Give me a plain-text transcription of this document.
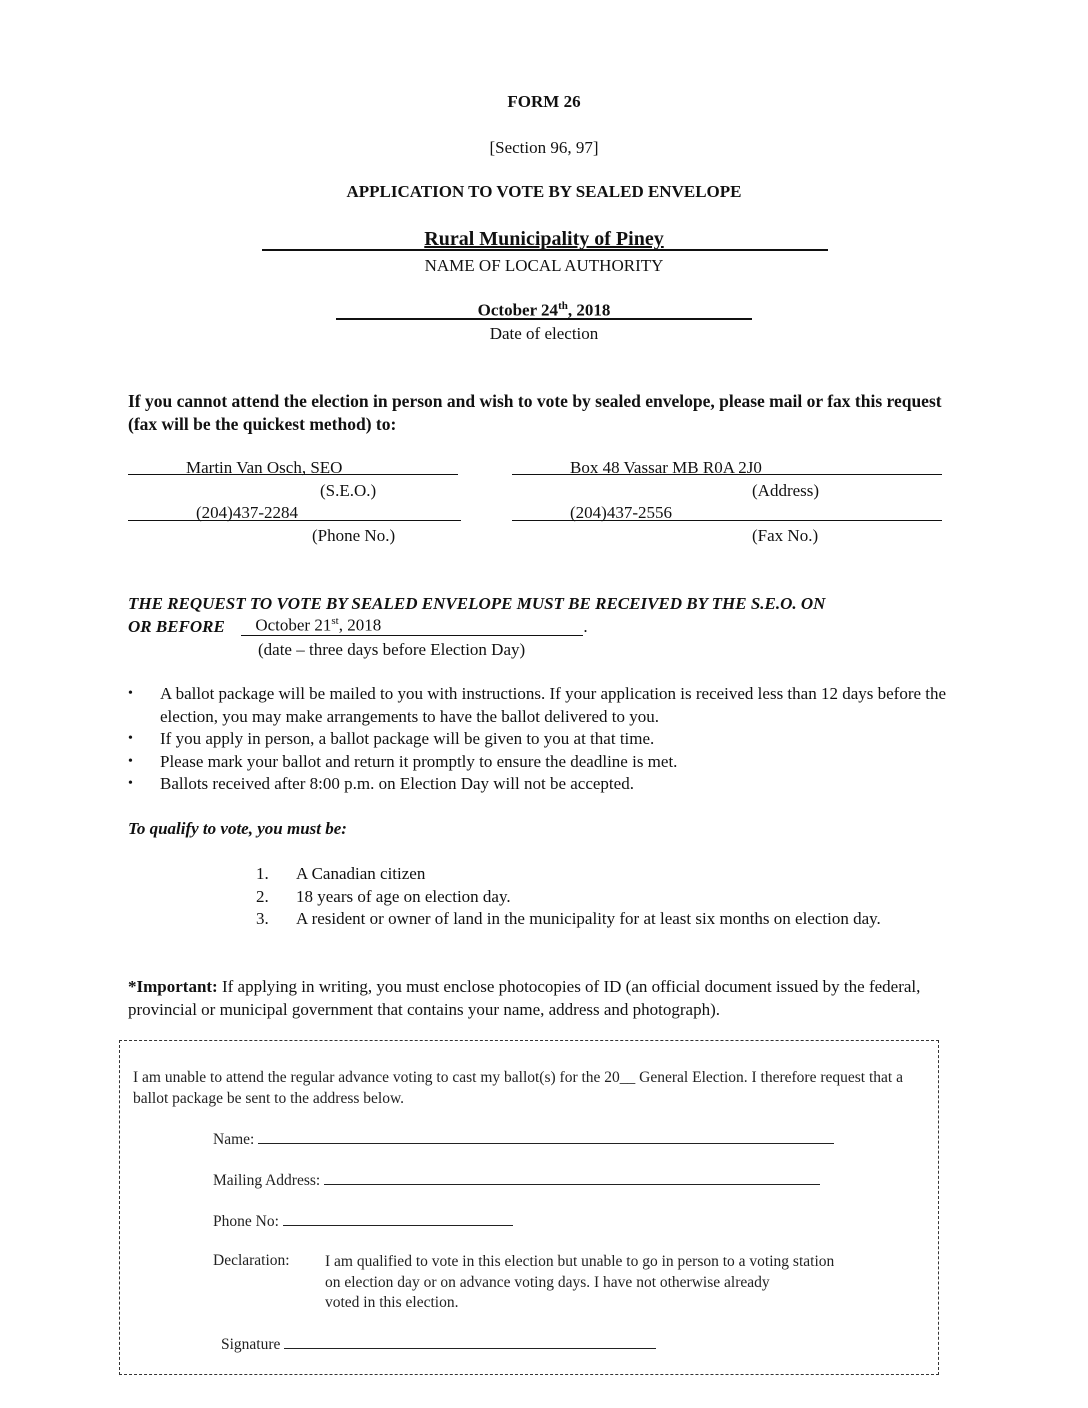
FORM 26
[Section 96, 97]
APPLICATION TO VOTE BY SEALED ENVELOPE
Rural Municipality of Piney
NAME OF LOCAL AUTHORITY
October 24th, 2018
Date of election
If you cannot attend the election in person and wish to vote by sealed envelope, please mail or fax this request (fax will be the quickest method) to:
Martin Van Osch, SEO
(S.E.O.)
Box 48 Vassar MB R0A 2J0
(Address)
(204)437-2284
(Phone No.)
(204)437-2556
(Fax No.)
THE REQUEST TO VOTE BY SEALED ENVELOPE MUST BE RECEIVED BY THE S.E.O. ON
OR BEFORE October 21st, 2018	.
(date – three days before Election Day)
• A ballot package will be mailed to you with instructions. If your application is received less than 12 days before the election, you may make arrangements to have the ballot delivered to you.
• If you apply in person, a ballot package will be given to you at that time.
• Please mark your ballot and return it promptly to ensure the deadline is met.
• Ballots received after 8:00 p.m. on Election Day will not be accepted.
To qualify to vote, you must be:
1. A Canadian citizen
2. 18 years of age on election day.
3. A resident or owner of land in the municipality for at least six months on election day.
*Important: If applying in writing, you must enclose photocopies of ID (an official document issued by the federal, provincial or municipal government that contains your name, address and photograph).
I am unable to attend the regular advance voting to cast my ballot(s) for the 20__ General Election. I therefore request that a ballot package be sent to the address below.
Name:
Mailing Address:
Phone No:
Declaration: I am qualified to vote in this election but unable to go in person to a voting station
on election day or on advance voting days. I have not otherwise already
voted in this election.
Signature
